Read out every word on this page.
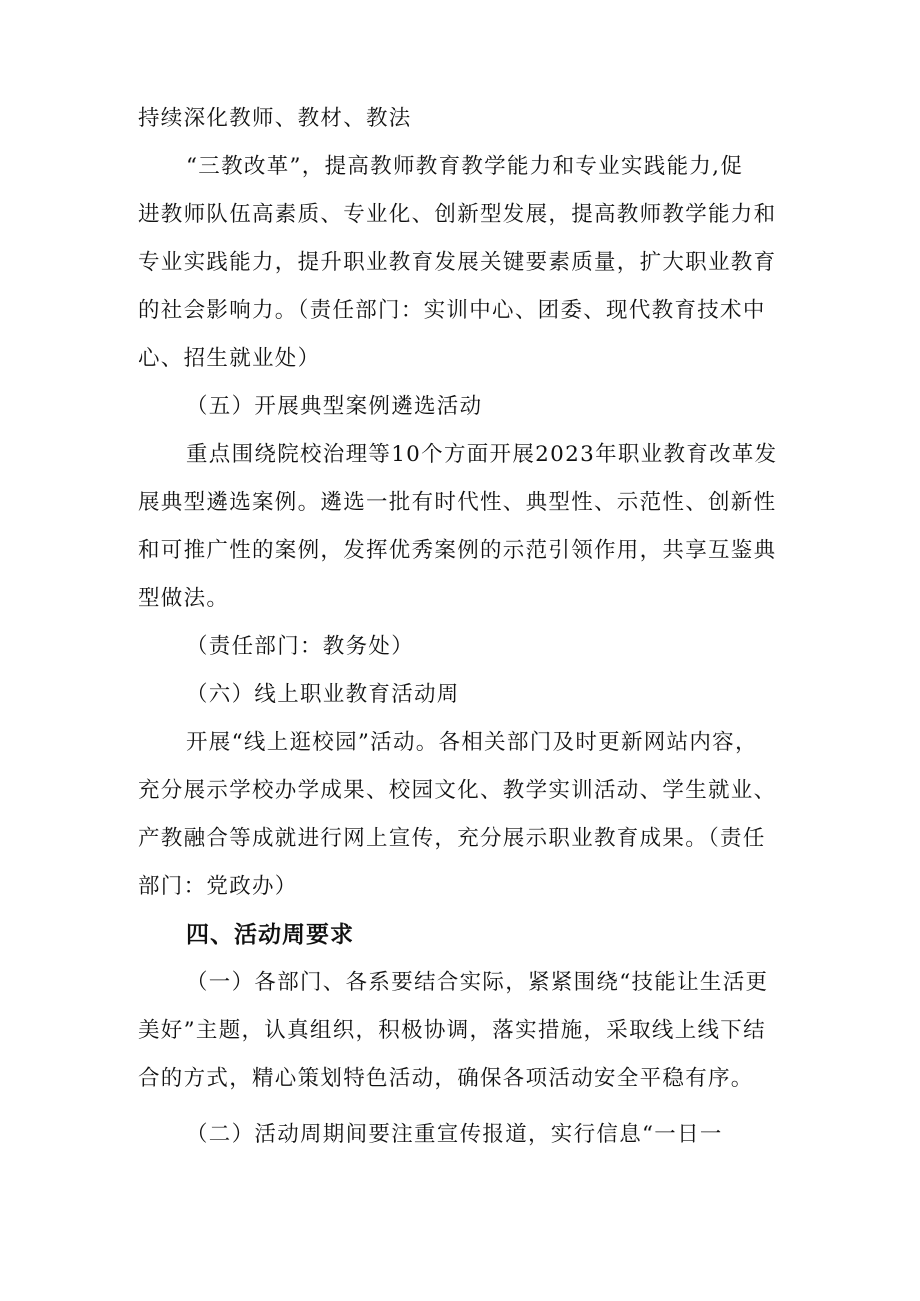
持续深化教师、教材、教法
“三教改革”，提高教师教育教学能力和专业实践能力,促
进教师队伍高素质、专业化、创新型发展，提高教师教学能力和
专业实践能力，提升职业教育发展关键要素质量，扩大职业教育
的社会影响力。（责任部门：实训中心、团委、现代教育技术中
心、招生就业处）
（五）开展典型案例遴选活动
重点围绕院校治理等10个方面开展2023年职业教育改革发
展典型遴选案例。遴选一批有时代性、典型性、示范性、创新性
和可推广性的案例，发挥优秀案例的示范引领作用，共享互鉴典
型做法。
（责任部门：教务处）
（六）线上职业教育活动周
开展“线上逛校园”活动。各相关部门及时更新网站内容，
充分展示学校办学成果、校园文化、教学实训活动、学生就业、
产教融合等成就进行网上宣传，充分展示职业教育成果。（责任
部门：党政办）
四、活动周要求
（一）各部门、各系要结合实际，紧紧围绕“技能让生活更
美好”主题，认真组织，积极协调，落实措施，采取线上线下结
合的方式，精心策划特色活动，确保各项活动安全平稳有序。
（二）活动周期间要注重宣传报道，实行信息“一日一
